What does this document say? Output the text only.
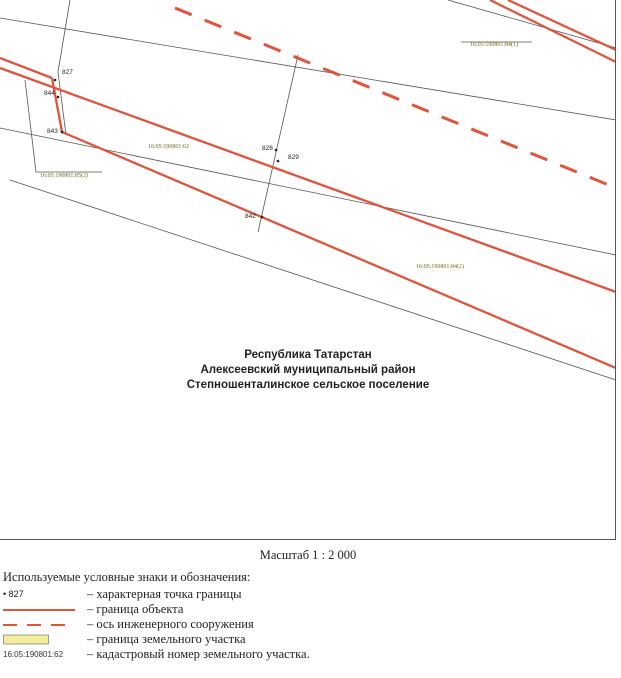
827
844
843
828
829
842
16:05:190801:84(1)
16:05:190801:62
16:05:190801:85(2)
16:05:190801:84(2)
Республика Татарстан
Алексеевский муниципальный район
Степношенталинское сельское поселение
Масштаб 1 : 2 000
Используемые условные знаки и обозначения:
• 827	– характерная точка границы
– граница объекта
– ось инженерного сооружения
– граница земельного участка
16:05:190801:62	– кадастровый номер земельного участка.
